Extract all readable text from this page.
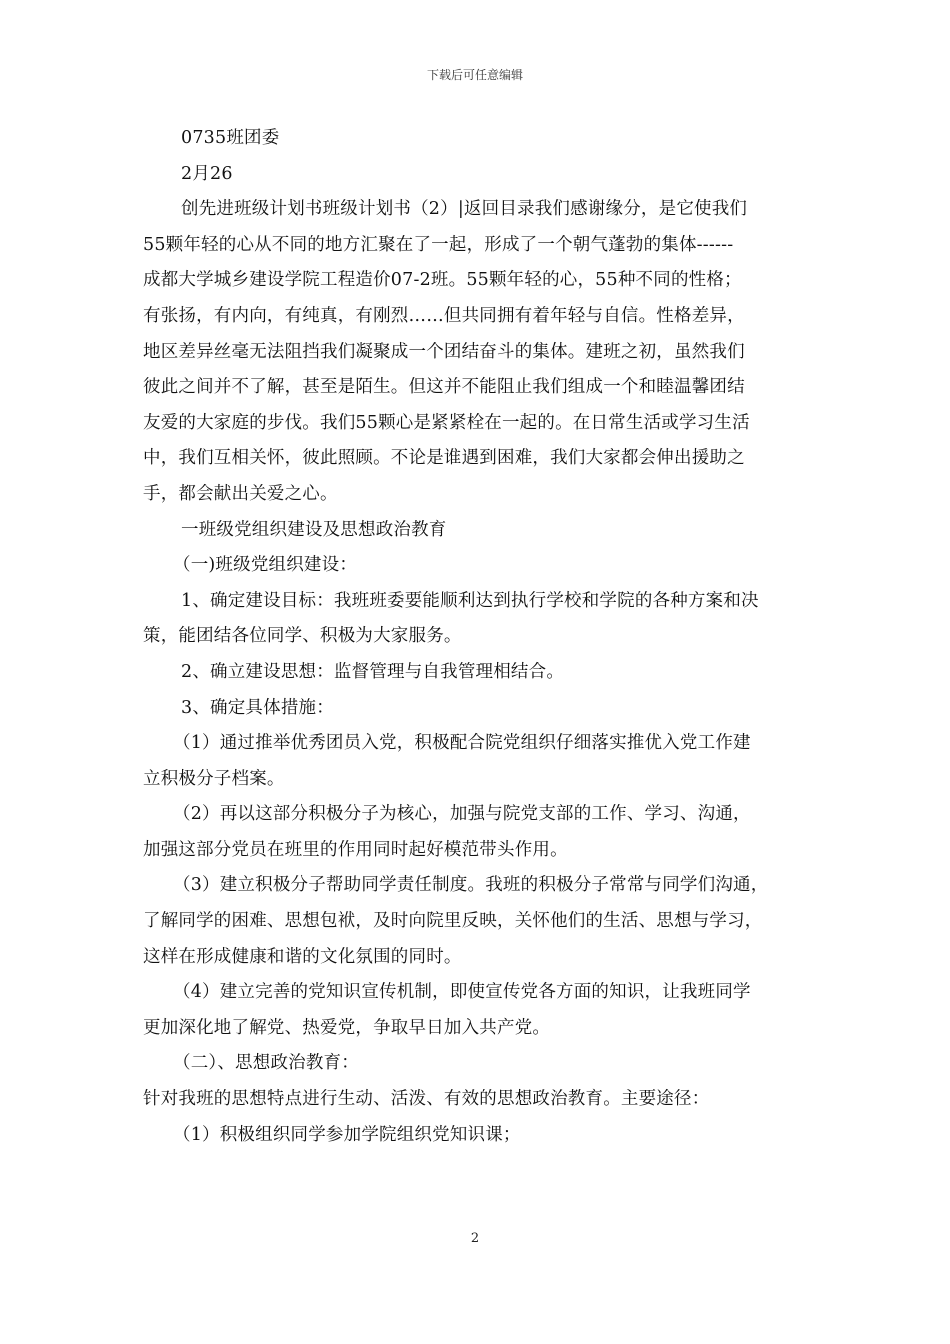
下载后可任意编辑
0735班团委
2月26
创先进班级计划书班级计划书（2）|返回目录我们感谢缘分，是它使我们
55颗年轻的心从不同的地方汇聚在了一起，形成了一个朝气蓬勃的集体------
成都大学城乡建设学院工程造价07-2班。55颗年轻的心，55种不同的性格；
有张扬，有内向，有纯真，有刚烈……但共同拥有着年轻与自信。性格差异，
地区差异丝毫无法阻挡我们凝聚成一个团结奋斗的集体。建班之初，虽然我们
彼此之间并不了解，甚至是陌生。但这并不能阻止我们组成一个和睦温馨团结
友爱的大家庭的步伐。我们55颗心是紧紧栓在一起的。在日常生活或学习生活
中，我们互相关怀，彼此照顾。不论是谁遇到困难，我们大家都会伸出援助之
手，都会献出关爱之心。
一班级党组织建设及思想政治教育
（一)班级党组织建设：
1、确定建设目标：我班班委要能顺利达到执行学校和学院的各种方案和决
策，能团结各位同学、积极为大家服务。
2、确立建设思想：监督管理与自我管理相结合。
3、确定具体措施：
（1）通过推举优秀团员入党，积极配合院党组织仔细落实推优入党工作建
立积极分子档案。
（2）再以这部分积极分子为核心，加强与院党支部的工作、学习、沟通，
加强这部分党员在班里的作用同时起好模范带头作用。
（3）建立积极分子帮助同学责任制度。我班的积极分子常常与同学们沟通，
了解同学的困难、思想包袱，及时向院里反映，关怀他们的生活、思想与学习，
这样在形成健康和谐的文化氛围的同时。
（4）建立完善的党知识宣传机制，即使宣传党各方面的知识，让我班同学
更加深化地了解党、热爱党，争取早日加入共产党。
（二）、思想政治教育：
针对我班的思想特点进行生动、活泼、有效的思想政治教育。主要途径：
（1）积极组织同学参加学院组织党知识课；
2
